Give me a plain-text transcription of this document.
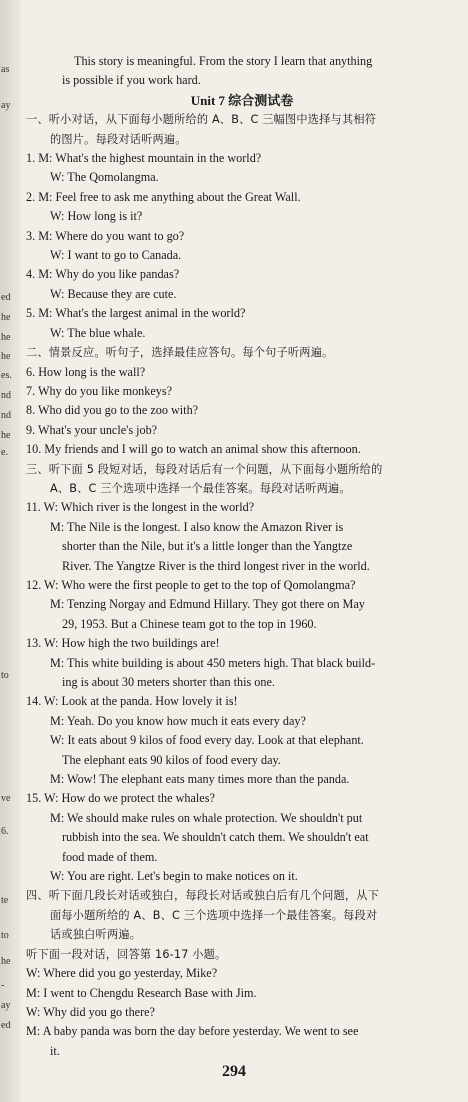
as
ay
ed
he
he
he
es.
nd
nd
he
e.
to
ve
6.
te
to
he
-
ay
ed
This story is meaningful. From the story I learn that anything
is possible if you work hard.
Unit 7 综合测试卷
一、听小对话，从下面每小题所给的 A、B、C 三幅图中选择与其相符
的图片。每段对话听两遍。
1. M: What's the highest mountain in the world?
W: The Qomolangma.
2. M: Feel free to ask me anything about the Great Wall.
W: How long is it?
3. M: Where do you want to go?
W: I want to go to Canada.
4. M: Why do you like pandas?
W: Because they are cute.
5. M: What's the largest animal in the world?
W: The blue whale.
二、情景反应。听句子，选择最佳应答句。每个句子听两遍。
6. How long is the wall?
7. Why do you like monkeys?
8. Who did you go to the zoo with?
9. What's your uncle's job?
10. My friends and I will go to watch an animal show this afternoon.
三、听下面 5 段短对话，每段对话后有一个问题，从下面每小题所给的
A、B、C 三个选项中选择一个最佳答案。每段对话听两遍。
11. W: Which river is the longest in the world?
M: The Nile is the longest. I also know the Amazon River is
shorter than the Nile, but it's a little longer than the Yangtze
River. The Yangtze River is the third longest river in the world.
12. W: Who were the first people to get to the top of Qomolangma?
M: Tenzing Norgay and Edmund Hillary. They got there on May
29, 1953. But a Chinese team got to the top in 1960.
13. W: How high the two buildings are!
M: This white building is about 450 meters high. That black build-
ing is about 30 meters shorter than this one.
14. W: Look at the panda. How lovely it is!
M: Yeah. Do you know how much it eats every day?
W: It eats about 9 kilos of food every day. Look at that elephant.
The elephant eats 90 kilos of food every day.
M: Wow! The elephant eats many times more than the panda.
15. W: How do we protect the whales?
M: We should make rules on whale protection. We shouldn't put
rubbish into the sea. We shouldn't catch them. We shouldn't eat
food made of them.
W: You are right. Let's begin to make notices on it.
四、听下面几段长对话或独白，每段长对话或独白后有几个问题，从下
面每小题所给的 A、B、C 三个选项中选择一个最佳答案。每段对
话或独白听两遍。
听下面一段对话，回答第 16-17 小题。
W: Where did you go yesterday, Mike?
M: I went to Chengdu Research Base with Jim.
W: Why did you go there?
M: A baby panda was born the day before yesterday. We went to see
it.
294
